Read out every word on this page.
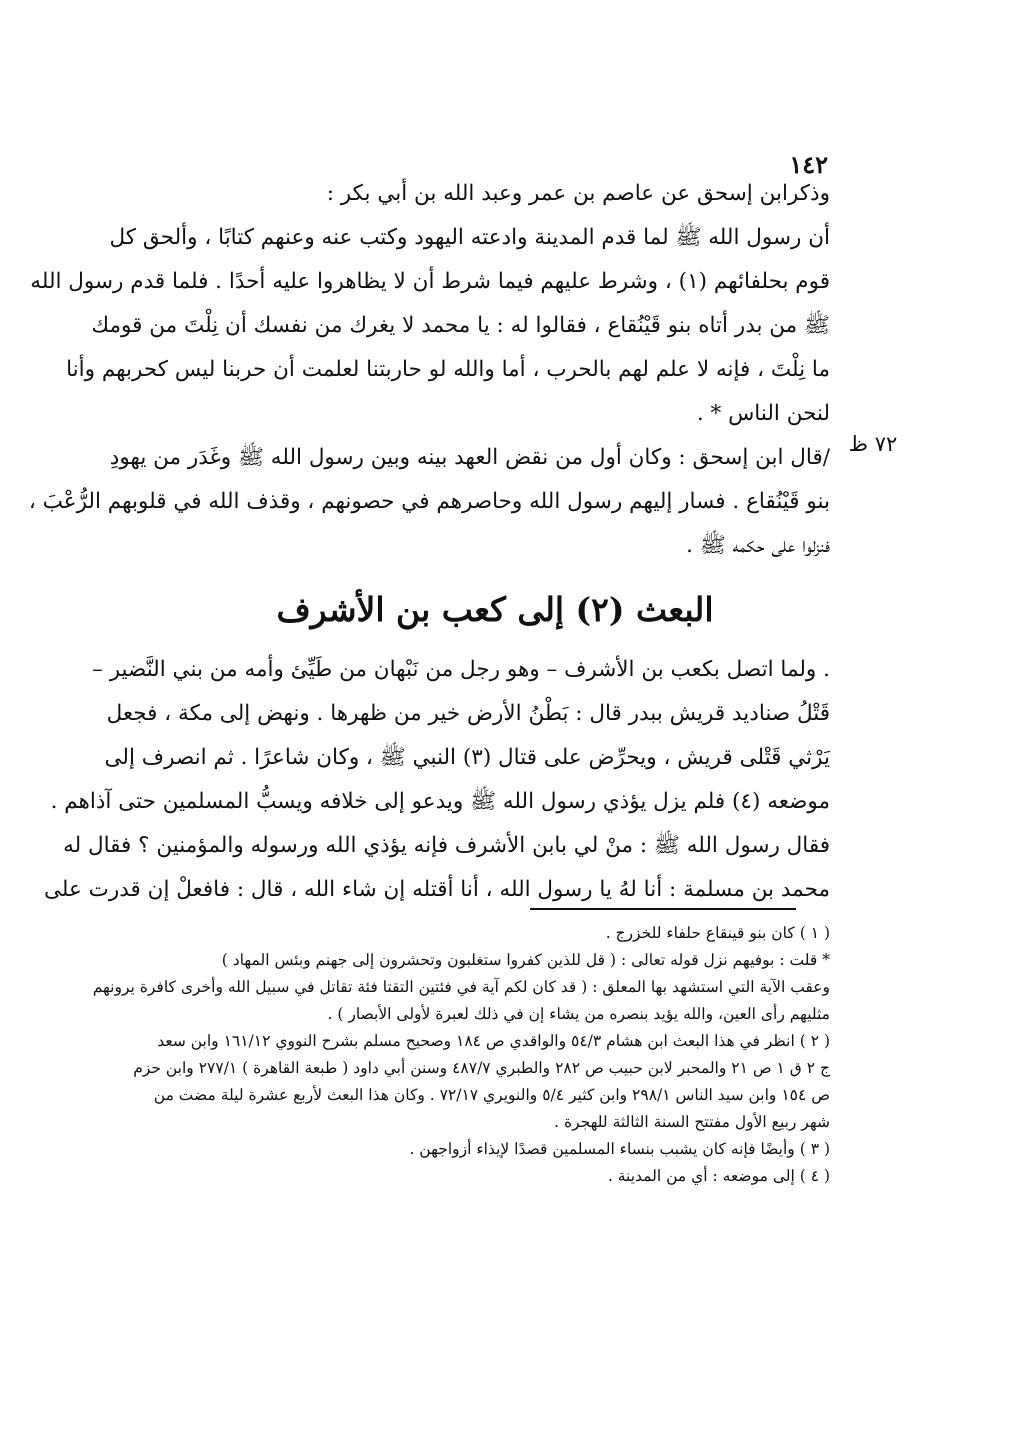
١٤٢
٧٢ ظ
وذكرابن إسحق عن عاصم بن عمر وعبد الله بن أبي بكر :
أن رسول الله ﷺ لما قدم المدينة وادعته اليهود وكتب عنه وعنهم كتابًا ، وألحق كل
قوم بحلفائهم (١) ، وشرط عليهم فيما شرط أن لا يظاهروا عليه أحدًا . فلما قدم رسول الله
ﷺ من بدر أتاه بنو قَيْنُقاع ، فقالوا له : يا محمد لا يغرك من نفسك أن نِلْتَ من قومك
ما نِلْتَ ، فإنه لا علم لهم بالحرب ، أما والله لو حاربتنا لعلمت أن حربنا ليس كحربهم وأنا
لنحن الناس * .
/قال ابن إسحق : وكان أول من نقض العهد بينه وبين رسول الله ﷺ وغَدَر من يهودِ
بنو قَيْنُقاع . فسار إليهم رسول الله وحاصرهم في حصونهم ، وقذف الله في قلوبهم الرُّعْبَ ،
فنزلوا على حكمه ﷺ .
البعث (٢) إلى كعب بن الأشرف
. ولما اتصل بكعب بن الأشرف – وهو رجل من نَبْهان من طَيِّئ وأمه من بني النَّضير –
قَتْلُ صناديد قريش ببدر قال : بَطْنُ الأرض خير من ظهرها . ونهض إلى مكة ، فجعل
يَرْثي قَتْلى قريش ، ويحرِّض على قتال (٣) النبي ﷺ ، وكان شاعرًا . ثم انصرف إلى
موضعه (٤) فلم يزل يؤذي رسول الله ﷺ ويدعو إلى خلافه ويسبُّ المسلمين حتى آذاهم .
فقال رسول الله ﷺ : منْ لي بابن الأشرف فإنه يؤذي الله ورسوله والمؤمنين ؟ فقال له
محمد بن مسلمة : أنا لهُ يا رسول الله ، أنا أقتله إن شاء الله ، قال : فافعلْ إن قدرت على
( ١ ) كان بنو قينقاع حلفاء للخزرج .
* قلت : بوفيهم نزل قوله تعالى : ( قل للذين كفروا ستغلبون وتحشرون إلى جهنم وبئس المهاد )
وعقب الآية التي استشهد بها المعلق : ( قد كان لكم آية في فئتين التقتا فئة تقاتل في سبيل الله وأخرى كافرة يرونهم
مثليهم رأى العين، والله يؤيد بنصره من يشاء إن في ذلك لعبرة لأولى الأبصار ) .
( ٢ ) انظر في هذا البعث ابن هشام ٥٤/٣ والواقدي ص ١٨٤ وصحيح مسلم بشرح النووي ١٦١/١٢ وابن سعد
ج ٢ ق ١ ص ٢١ والمحبر لابن حبيب ص ٢٨٢ والطبري ٤٨٧/٧ وسنن أبي داود ( طبعة القاهرة ) ٢٧٧/١ وابن حزم
ص ١٥٤ وابن سيد الناس ٢٩٨/١ وابن كثير ٥/٤ والنويري ٧٢/١٧ . وكان هذا البعث لأربع عشرة ليلة مضت من
شهر ربيع الأول مفتتح السنة الثالثة للهجرة .
( ٣ ) وأيضًا فإنه كان يشبب بنساء المسلمين قصدًا لإيذاء أزواجهن .
( ٤ ) إلى موضعه : أي من المدينة .
